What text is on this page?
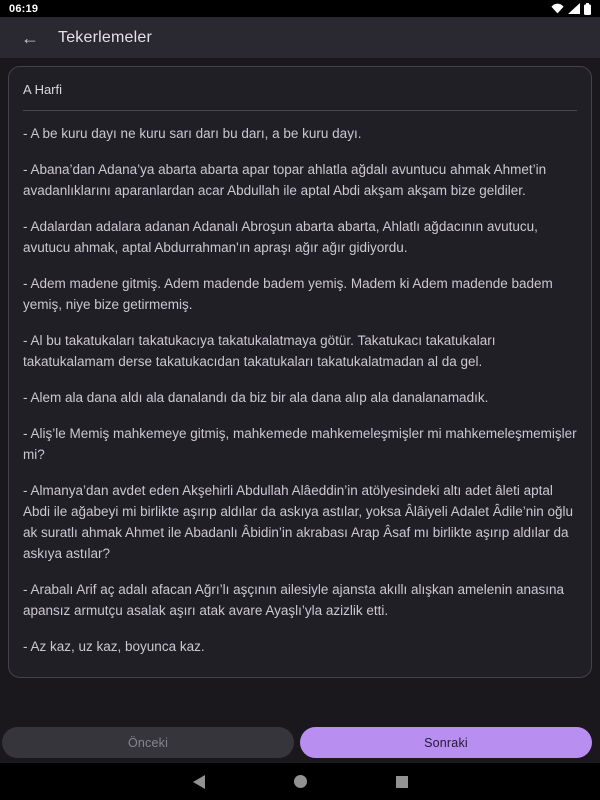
06:19
← Tekerlemeler
A Harfi

- A be kuru dayı ne kuru sarı darı bu darı, a be kuru dayı.

- Abana’dan Adana’ya abarta abarta apar topar ahlatla ağdalı avuntucu ahmak Ahmet’in avadanlıklarını aparanlardan acar Abdullah ile aptal Abdi akşam akşam bize geldiler.

- Adalardan adalara adanan Adanalı Abroşun abarta abarta, Ahlatlı ağdacının avutucu, avutucu ahmak, aptal Abdurrahman'ın apraşı ağır ağır gidiyordu.

- Adem madene gitmiş. Adem madende badem yemiş. Madem ki Adem madende badem yemiş, niye bize getirmemiş.

- Al bu takatukaları takatukacıya takatukalatmaya götür. Takatukacı takatukaları takatukalamam derse takatukacıdan takatukaları takatukalatmadan al da gel.

- Alem ala dana aldı ala danalandı da biz bir ala dana alıp ala danalanamadık.

- Aliş’le Memiş mahkemeye gitmiş, mahkemede mahkemeleşmişler mi mahkemeleşmemişler mi?

- Almanya’dan avdet eden Akşehirli Abdullah Alâeddin’in atölyesindeki altı adet âleti aptal Abdi ile ağabeyi mi birlikte aşırıp aldılar da askıya astılar, yoksa Âlâiyeli Adalet Âdile’nin oğlu ak suratlı ahmak Ahmet ile Abadanlı Âbidin’in akrabası Arap Âsaf mı birlikte aşırıp aldılar da askıya astılar?

- Arabalı Arif aç adalı afacan Ağrı’lı aşçının ailesiyle ajansta akıllı alışkan amelenin anasına apansız armutçu asalak aşırı atak avare Ayaşlı’yla azizlik etti.

- Az kaz, uz kaz, boyunca kaz.

Önceki	Sonraki
